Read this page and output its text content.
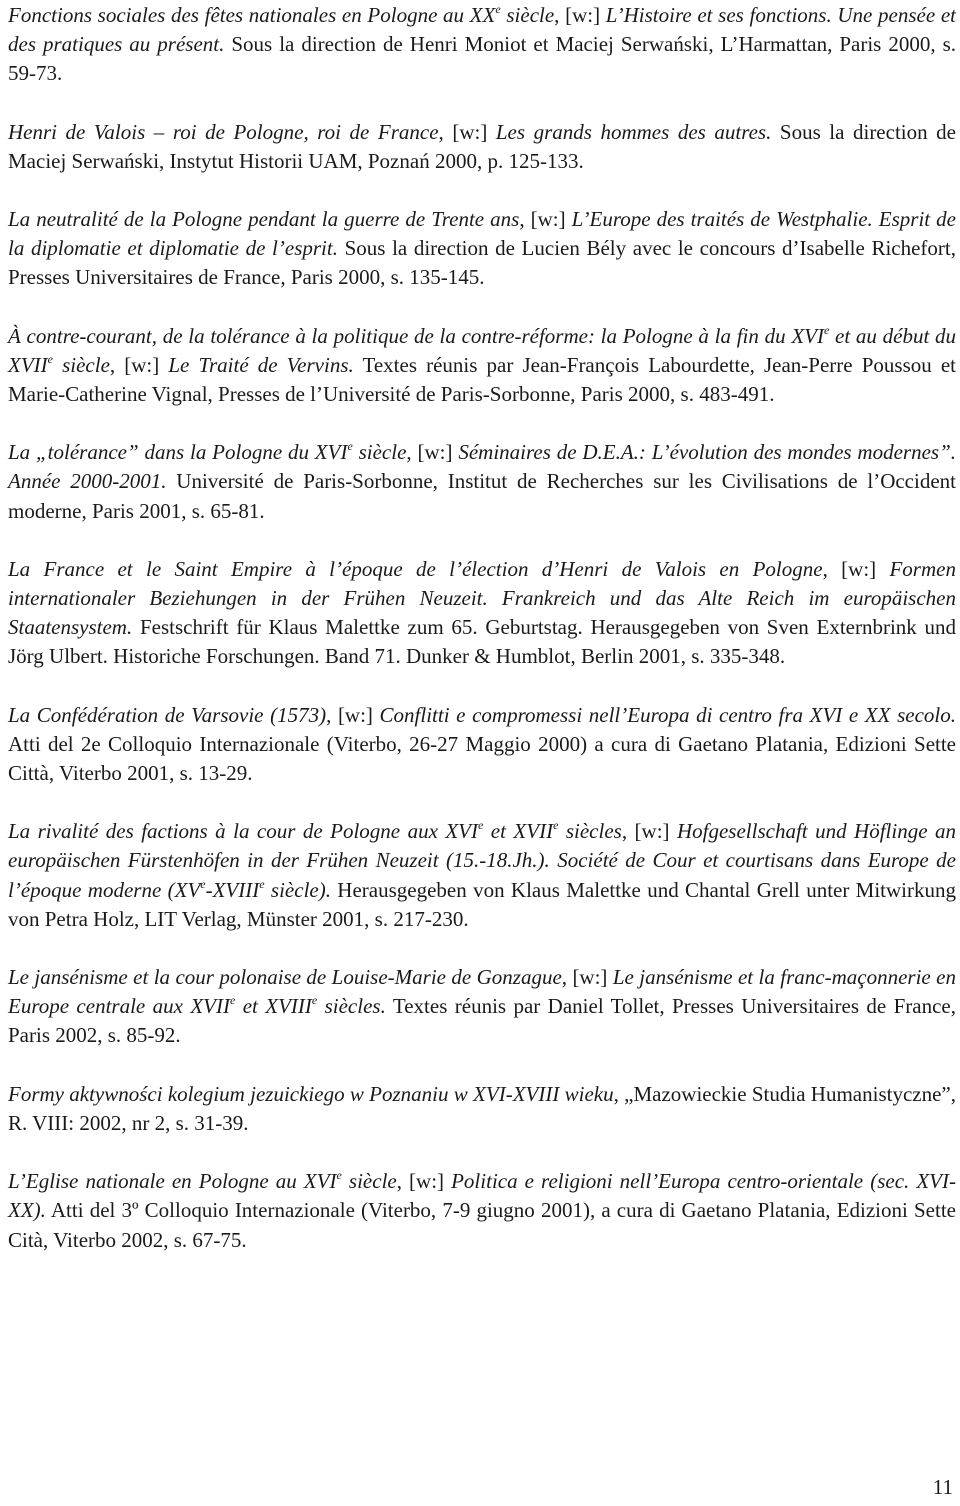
Fonctions sociales des fêtes nationales en Pologne au XXe siècle, [w:] L’Histoire et ses fonctions. Une pensée et des pratiques au présent. Sous la direction de Henri Moniot et Maciej Serwański, L’Harmattan, Paris 2000, s. 59-73.

Henri de Valois – roi de Pologne, roi de France, [w:] Les grands hommes des autres. Sous la direction de Maciej Serwański, Instytut Historii UAM, Poznań 2000, p. 125-133.

La neutralité de la Pologne pendant la guerre de Trente ans, [w:] L’Europe des traités de Westphalie. Esprit de la diplomatie et diplomatie de l’esprit. Sous la direction de Lucien Bély avec le concours d’Isabelle Richefort, Presses Universitaires de France, Paris 2000, s. 135-145.

À contre-courant, de la tolérance à la politique de la contre-réforme: la Pologne à la fin du XVIe et au début du XVIIe siècle, [w:] Le Traité de Vervins. Textes réunis par Jean-François Labourdette, Jean-Perre Poussou et Marie-Catherine Vignal, Presses de l’Université de Paris-Sorbonne, Paris 2000, s. 483-491.

La „tolérance” dans la Pologne du XVIe siècle, [w:] Séminaires de D.E.A.: L’évolution des mondes modernes”. Année 2000-2001. Université de Paris-Sorbonne, Institut de Recherches sur les Civilisations de l’Occident moderne, Paris 2001, s. 65-81.

La France et le Saint Empire à l’époque de l’élection d’Henri de Valois en Pologne, [w:] Formen internationaler Beziehungen in der Frühen Neuzeit. Frankreich und das Alte Reich im europäischen Staatensystem. Festschrift für Klaus Malettke zum 65. Geburtstag. Herausgegeben von Sven Externbrink und Jörg Ulbert. Historiche Forschungen. Band 71. Dunker & Humblot, Berlin 2001, s. 335-348.

La Confédération de Varsovie (1573), [w:] Conflitti e compromessi nell’Europa di centro fra XVI e XX secolo. Atti del 2e Colloquio Internazionale (Viterbo, 26-27 Maggio 2000) a cura di Gaetano Platania, Edizioni Sette Città, Viterbo 2001, s. 13-29.

La rivalité des factions à la cour de Pologne aux XVIe et XVIIe siècles, [w:] Hofgesellschaft und Höflinge an europäischen Fürstenhöfen in der Frühen Neuzeit (15.-18.Jh.). Société de Cour et courtisans dans Europe de l’époque moderne (XVe-XVIIIe siècle). Herausgegeben von Klaus Malettke und Chantal Grell unter Mitwirkung von Petra Holz, LIT Verlag, Münster 2001, s. 217-230.

Le jansénisme et la cour polonaise de Louise-Marie de Gonzague, [w:] Le jansénisme et la franc-maçonnerie en Europe centrale aux XVIIe et XVIIIe siècles. Textes réunis par Daniel Tollet, Presses Universitaires de France, Paris 2002, s. 85-92.

Formy aktywności kolegium jezuickiego w Poznaniu w XVI-XVIII wieku, „Mazowieckie Studia Humanistyczne”, R. VIII: 2002, nr 2, s. 31-39.

L’Eglise nationale en Pologne au XVIe siècle, [w:] Politica e religioni nell’Europa centro-orientale (sec. XVI-XX). Atti del 3º Colloquio Internazionale (Viterbo, 7-9 giugno 2001), a cura di Gaetano Platania, Edizioni Sette Cità, Viterbo 2002, s. 67-75.

11
